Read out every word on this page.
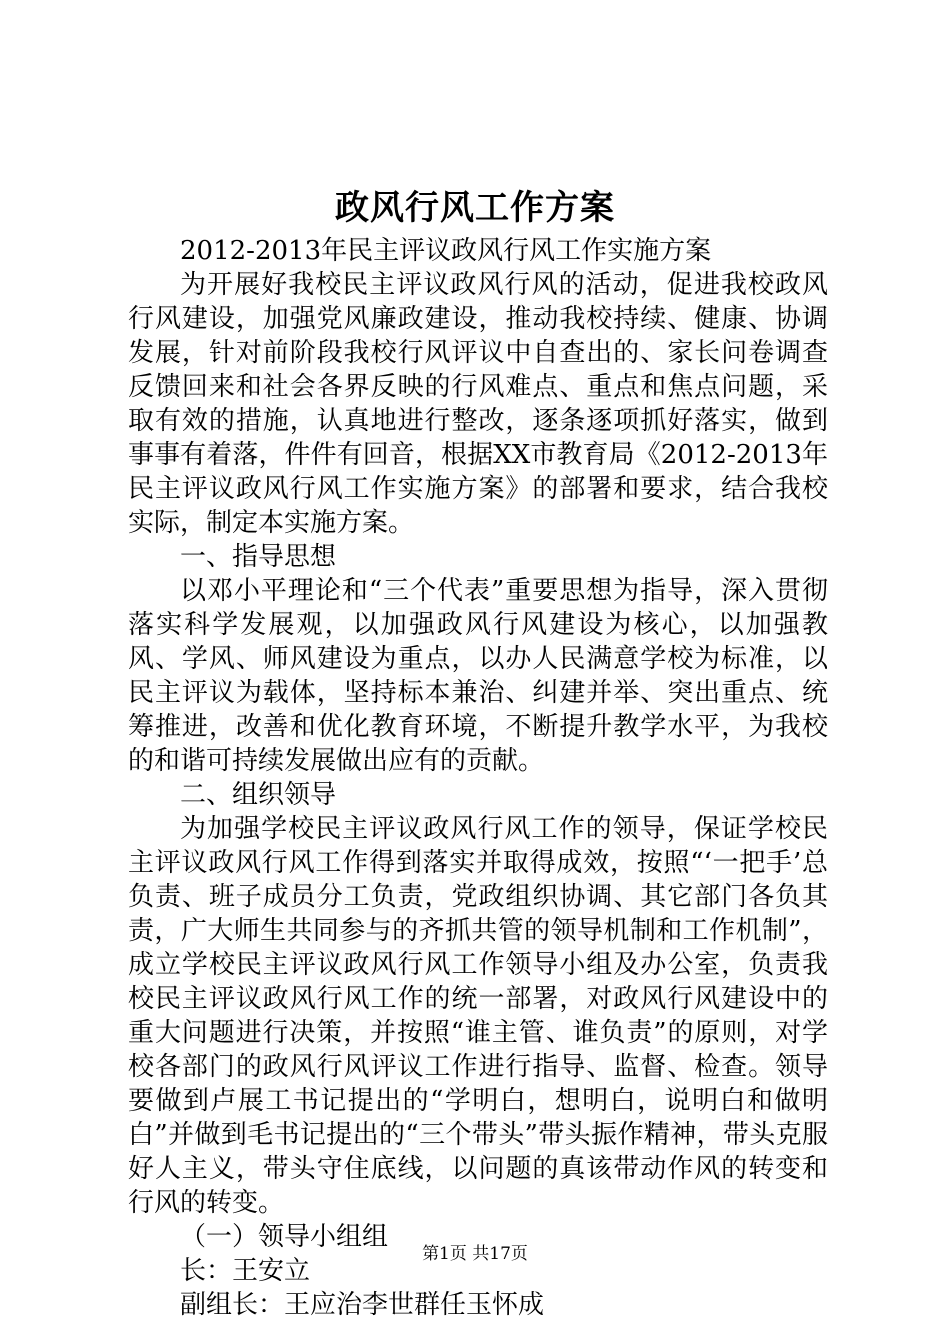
政风行风工作方案

2012-2013年民主评议政风行风工作实施方案

为开展好我校民主评议政风行风的活动，促进我校政风行风建设，加强党风廉政建设，推动我校持续、健康、协调发展，针对前阶段我校行风评议中自查出的、家长问卷调查反馈回来和社会各界反映的行风难点、重点和焦点问题，采取有效的措施，认真地进行整改，逐条逐项抓好落实，做到事事有着落，件件有回音，根据XX市教育局《2012-2013年民主评议政风行风工作实施方案》的部署和要求，结合我校实际，制定本实施方案。

一、指导思想

以邓小平理论和“三个代表”重要思想为指导，深入贯彻落实科学发展观，以加强政风行风建设为核心，以加强教风、学风、师风建设为重点，以办人民满意学校为标准，以民主评议为载体，坚持标本兼治、纠建并举、突出重点、统筹推进，改善和优化教育环境，不断提升教学水平，为我校的和谐可持续发展做出应有的贡献。

二、组织领导

为加强学校民主评议政风行风工作的领导，保证学校民主评议政风行风工作得到落实并取得成效，按照“‘一把手’总负责、班子成员分工负责，党政组织协调、其它部门各负其责，广大师生共同参与的齐抓共管的领导机制和工作机制”，成立学校民主评议政风行风工作领导小组及办公室，负责我校民主评议政风行风工作的统一部署，对政风行风建设中的重大问题进行决策，并按照“谁主管、谁负责”的原则，对学校各部门的政风行风评议工作进行指导、监督、检查。领导要做到卢展工书记提出的“学明白，想明白，说明白和做明白”并做到毛书记提出的“三个带头”带头振作精神，带头克服好人主义，带头守住底线，以问题的真该带动作风的转变和行风的转变。

（一）领导小组组

长：王安立

副组长：王应治李世群任玉怀成

第1页 共17页
